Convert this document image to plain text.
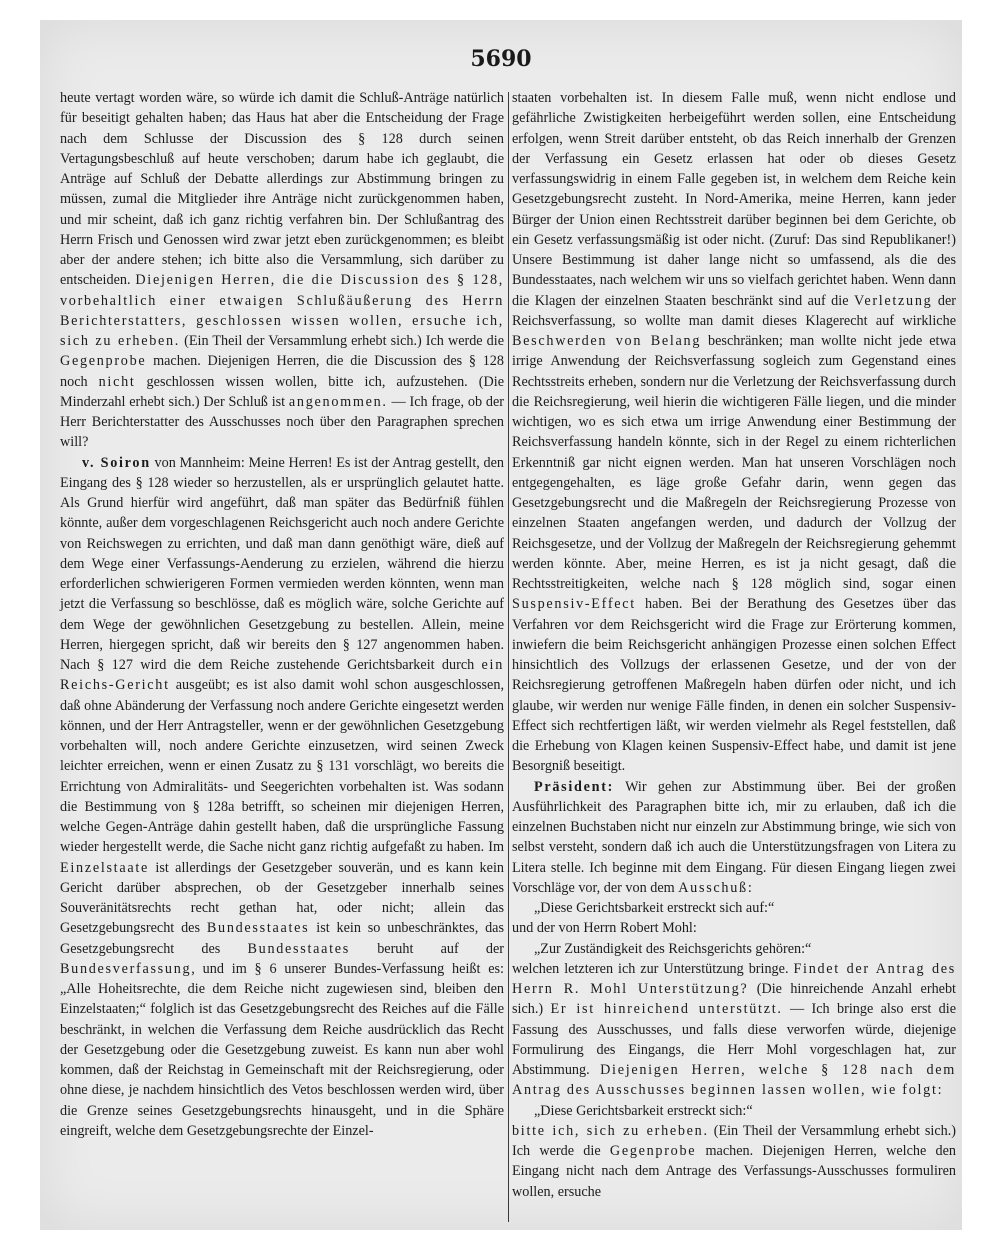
5690

heute vertagt worden wäre, so würde ich damit die Schluß-Anträge natürlich für beseitigt gehalten haben; das Haus hat aber die Entscheidung der Frage nach dem Schlusse der Discussion des § 128 durch seinen Vertagungsbeschluß auf heute verschoben; darum habe ich geglaubt, die Anträge auf Schluß der Debatte allerdings zur Abstimmung bringen zu müssen, zumal die Mitglieder ihre Anträge nicht zurückgenommen haben, und mir scheint, daß ich ganz richtig verfahren bin. Der Schlußantrag des Herrn Frisch und Genossen wird zwar jetzt eben zurückgenommen; es bleibt aber der andere stehen; ich bitte also die Versammlung, sich darüber zu entscheiden. Diejenigen Herren, die die Discussion des § 128, vorbehaltlich einer etwaigen Schlußäußerung des Herrn Berichterstatters, geschlossen wissen wollen, ersuche ich, sich zu erheben. (Ein Theil der Versammlung erhebt sich.) Ich werde die Gegenprobe machen. Diejenigen Herren, die die Discussion des § 128 noch nicht geschlossen wissen wollen, bitte ich, aufzustehen. (Die Minderzahl erhebt sich.) Der Schluß ist angenommen. — Ich frage, ob der Herr Berichterstatter des Ausschusses noch über den Paragraphen sprechen will?

v. Soiron von Mannheim: Meine Herren! Es ist der Antrag gestellt, den Eingang des § 128 wieder so herzustellen, als er ursprünglich gelautet hatte. Als Grund hierfür wird angeführt, daß man später das Bedürfniß fühlen könnte, außer dem vorgeschlagenen Reichsgericht auch noch andere Gerichte von Reichswegen zu errichten, und daß man dann genöthigt wäre, dieß auf dem Wege einer Verfassungs-Aenderung zu erzielen, während die hierzu erforderlichen schwierigeren Formen vermieden werden könnten, wenn man jetzt die Verfassung so beschlösse, daß es möglich wäre, solche Gerichte auf dem Wege der gewöhnlichen Gesetzgebung zu bestellen. Allein, meine Herren, hiergegen spricht, daß wir bereits den § 127 angenommen haben. Nach § 127 wird die dem Reiche zustehende Gerichtsbarkeit durch ein Reichs-Gericht ausgeübt; es ist also damit wohl schon ausgeschlossen, daß ohne Abänderung der Verfassung noch andere Gerichte eingesetzt werden können, und der Herr Antragsteller, wenn er der gewöhnlichen Gesetzgebung vorbehalten will, noch andere Gerichte einzusetzen, wird seinen Zweck leichter erreichen, wenn er einen Zusatz zu § 131 vorschlägt, wo bereits die Errichtung von Admiralitäts- und Seegerichten vorbehalten ist. Was sodann die Bestimmung von § 128a betrifft, so scheinen mir diejenigen Herren, welche Gegen-Anträge dahin gestellt haben, daß die ursprüngliche Fassung wieder hergestellt werde, die Sache nicht ganz richtig aufgefaßt zu haben. Im Einzelstaate ist allerdings der Gesetzgeber souverän, und es kann kein Gericht darüber absprechen, ob der Gesetzgeber innerhalb seines Souveränitätsrechts recht gethan hat, oder nicht; allein das Gesetzgebungsrecht des Bundesstaates ist kein so unbeschränktes, das Gesetzgebungsrecht des Bundesstaates beruht auf der Bundesverfassung, und im § 6 unserer Bundes-Verfassung heißt es: „Alle Hoheitsrechte, die dem Reiche nicht zugewiesen sind, bleiben den Einzelstaaten;“ folglich ist das Gesetzgebungsrecht des Reiches auf die Fälle beschränkt, in welchen die Verfassung dem Reiche ausdrücklich das Recht der Gesetzgebung oder die Gesetzgebung zuweist. Es kann nun aber wohl kommen, daß der Reichstag in Gemeinschaft mit der Reichsregierung, oder ohne diese, je nachdem hinsichtlich des Vetos beschlossen werden wird, über die Grenze seines Gesetzgebungsrechts hinausgeht, und in die Sphäre eingreift, welche dem Gesetzgebungsrechte der Einzel-

staaten vorbehalten ist. In diesem Falle muß, wenn nicht endlose und gefährliche Zwistigkeiten herbeigeführt werden sollen, eine Entscheidung erfolgen, wenn Streit darüber entsteht, ob das Reich innerhalb der Grenzen der Verfassung ein Gesetz erlassen hat oder ob dieses Gesetz verfassungswidrig in einem Falle gegeben ist, in welchem dem Reiche kein Gesetzgebungsrecht zusteht. In Nord-Amerika, meine Herren, kann jeder Bürger der Union einen Rechtsstreit darüber beginnen bei dem Gerichte, ob ein Gesetz verfassungsmäßig ist oder nicht. (Zuruf: Das sind Republikaner!) Unsere Bestimmung ist daher lange nicht so umfassend, als die des Bundesstaates, nach welchem wir uns so vielfach gerichtet haben. Wenn dann die Klagen der einzelnen Staaten beschränkt sind auf die Verletzung der Reichsverfassung, so wollte man damit dieses Klagerecht auf wirkliche Beschwerden von Belang beschränken; man wollte nicht jede etwa irrige Anwendung der Reichsverfassung sogleich zum Gegenstand eines Rechtsstreits erheben, sondern nur die Verletzung der Reichsverfassung durch die Reichsregierung, weil hierin die wichtigeren Fälle liegen, und die minder wichtigen, wo es sich etwa um irrige Anwendung einer Bestimmung der Reichsverfassung handeln könnte, sich in der Regel zu einem richterlichen Erkenntniß gar nicht eignen werden. Man hat unseren Vorschlägen noch entgegengehalten, es läge große Gefahr darin, wenn gegen das Gesetzgebungsrecht und die Maßregeln der Reichsregierung Prozesse von einzelnen Staaten angefangen werden, und dadurch der Vollzug der Reichsgesetze, und der Vollzug der Maßregeln der Reichsregierung gehemmt werden könnte. Aber, meine Herren, es ist ja nicht gesagt, daß die Rechtsstreitigkeiten, welche nach § 128 möglich sind, sogar einen Suspensiv-Effect haben. Bei der Berathung des Gesetzes über das Verfahren vor dem Reichsgericht wird die Frage zur Erörterung kommen, inwiefern die beim Reichsgericht anhängigen Prozesse einen solchen Effect hinsichtlich des Vollzugs der erlassenen Gesetze, und der von der Reichsregierung getroffenen Maßregeln haben dürfen oder nicht, und ich glaube, wir werden nur wenige Fälle finden, in denen ein solcher Suspensiv-Effect sich rechtfertigen läßt, wir werden vielmehr als Regel feststellen, daß die Erhebung von Klagen keinen Suspensiv-Effect habe, und damit ist jene Besorgniß beseitigt.

Präsident: Wir gehen zur Abstimmung über. Bei der großen Ausführlichkeit des Paragraphen bitte ich, mir zu erlauben, daß ich die einzelnen Buchstaben nicht nur einzeln zur Abstimmung bringe, wie sich von selbst versteht, sondern daß ich auch die Unterstützungsfragen von Litera zu Litera stelle. Ich beginne mit dem Eingang. Für diesen Eingang liegen zwei Vorschläge vor, der von dem Ausschuß:

„Diese Gerichtsbarkeit erstreckt sich auf:“

und der von Herrn Robert Mohl:

„Zur Zuständigkeit des Reichsgerichts gehören:“

welchen letzteren ich zur Unterstützung bringe. Findet der Antrag des Herrn R. Mohl Unterstützung? (Die hinreichende Anzahl erhebt sich.) Er ist hinreichend unterstützt. — Ich bringe also erst die Fassung des Ausschusses, und falls diese verworfen würde, diejenige Formulirung des Eingangs, die Herr Mohl vorgeschlagen hat, zur Abstimmung. Diejenigen Herren, welche § 128 nach dem Antrag des Ausschusses beginnen lassen wollen, wie folgt:

„Diese Gerichtsbarkeit erstreckt sich:“

bitte ich, sich zu erheben. (Ein Theil der Versammlung erhebt sich.) Ich werde die Gegenprobe machen. Diejenigen Herren, welche den Eingang nicht nach dem Antrage des Verfassungs-Ausschusses formuliren wollen, ersuche
